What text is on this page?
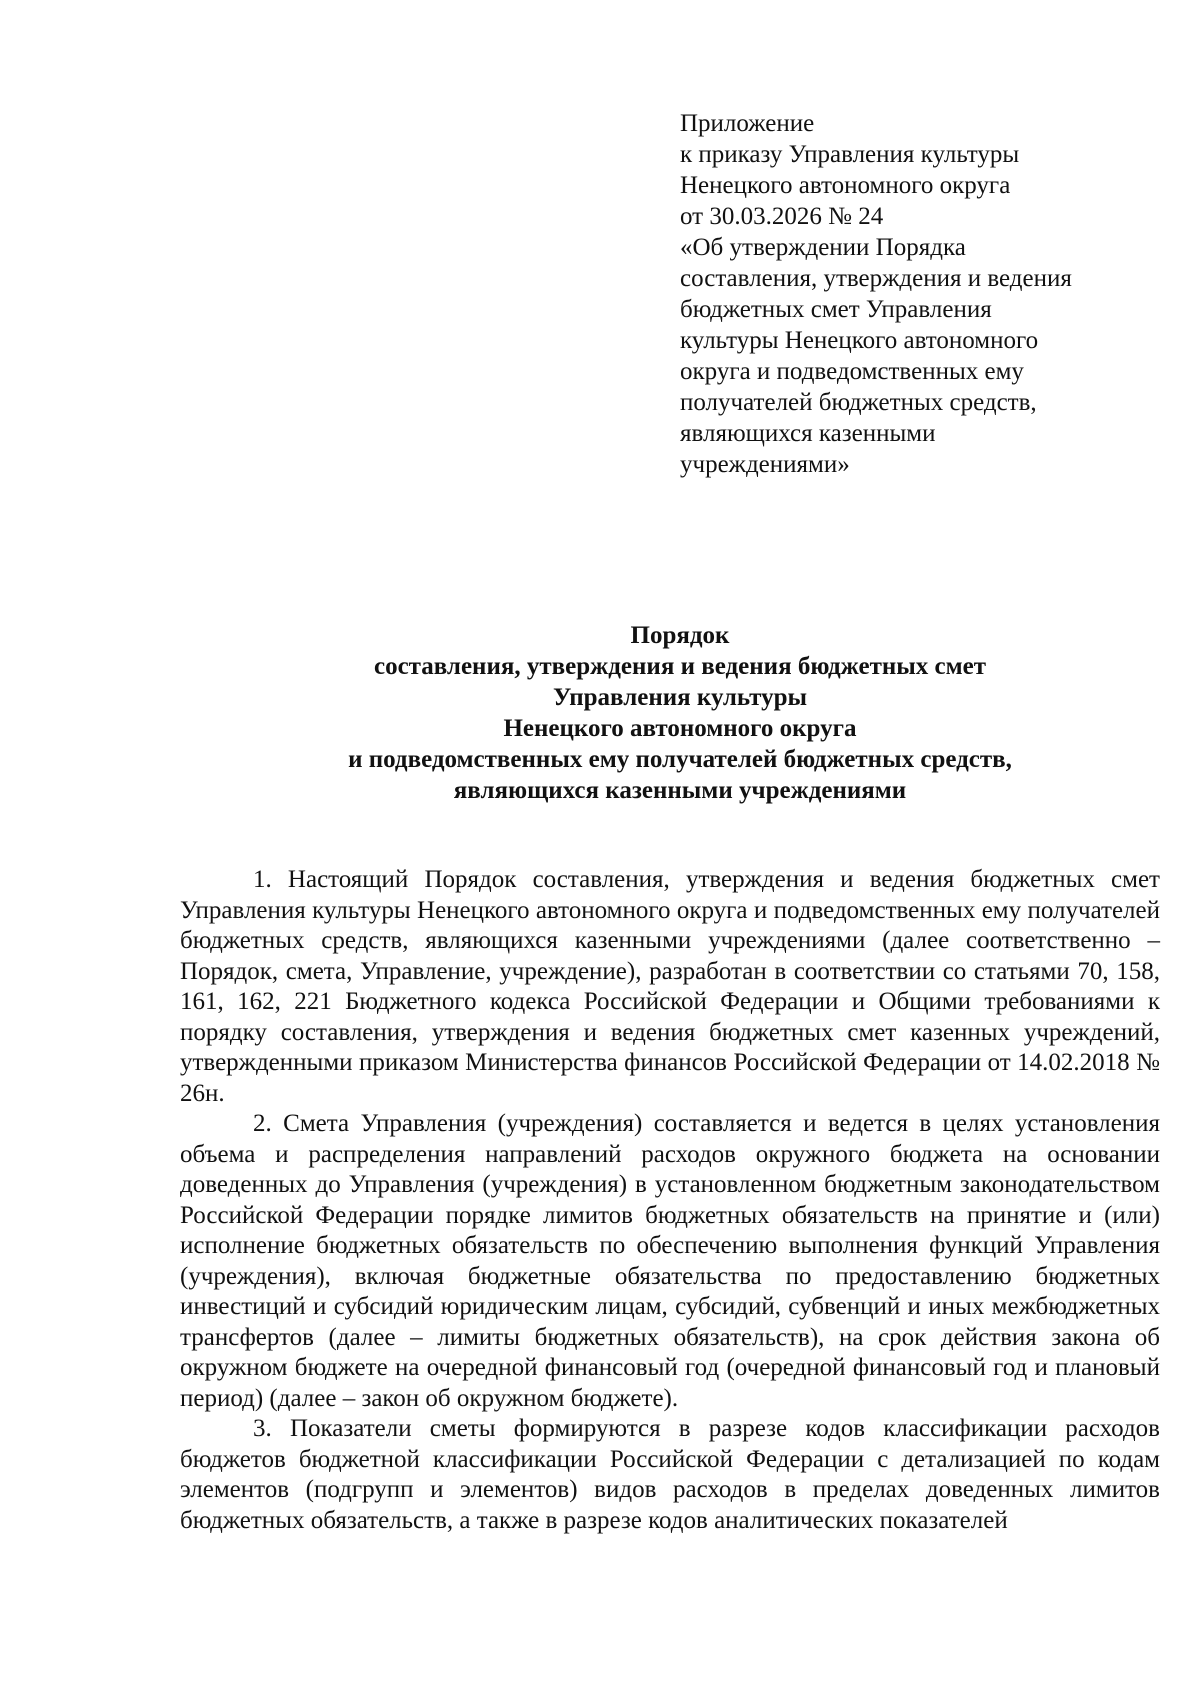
Приложение
к приказу Управления культуры
Ненецкого автономного округа
от 30.03.2026 № 24
«Об утверждении Порядка
составления, утверждения и ведения
бюджетных смет Управления
культуры Ненецкого автономного
округа и подведомственных ему
получателей бюджетных средств,
являющихся казенными
учреждениями»
Порядок
составления, утверждения и ведения бюджетных смет
Управления культуры
Ненецкого автономного округа
и подведомственных ему получателей бюджетных средств,
являющихся казенными учреждениями

1. Настоящий Порядок составления, утверждения и ведения бюджетных смет Управления культуры Ненецкого автономного округа и подведомственных ему получателей бюджетных средств, являющихся казенными учреждениями (далее соответственно – Порядок, смета, Управление, учреждение), разработан в соответствии со статьями 70, 158, 161, 162, 221 Бюджетного кодекса Российской Федерации и Общими требованиями к порядку составления, утверждения и ведения бюджетных смет казенных учреждений, утвержденными приказом Министерства финансов Российской Федерации от 14.02.2018 № 26н.

2. Смета Управления (учреждения) составляется и ведется в целях установления объема и распределения направлений расходов окружного бюджета на основании доведенных до Управления (учреждения) в установленном бюджетным законодательством Российской Федерации порядке лимитов бюджетных обязательств на принятие и (или) исполнение бюджетных обязательств по обеспечению выполнения функций Управления (учреждения), включая бюджетные обязательства по предоставлению бюджетных инвестиций и субсидий юридическим лицам, субсидий, субвенций и иных межбюджетных трансфертов (далее – лимиты бюджетных обязательств), на срок действия закона об окружном бюджете на очередной финансовый год (очередной финансовый год и плановый период) (далее – закон об окружном бюджете).

3. Показатели сметы формируются в разрезе кодов классификации расходов бюджетов бюджетной классификации Российской Федерации с детализацией по кодам элементов (подгрупп и элементов) видов расходов в пределах доведенных лимитов бюджетных обязательств, а также в разрезе кодов аналитических показателей
